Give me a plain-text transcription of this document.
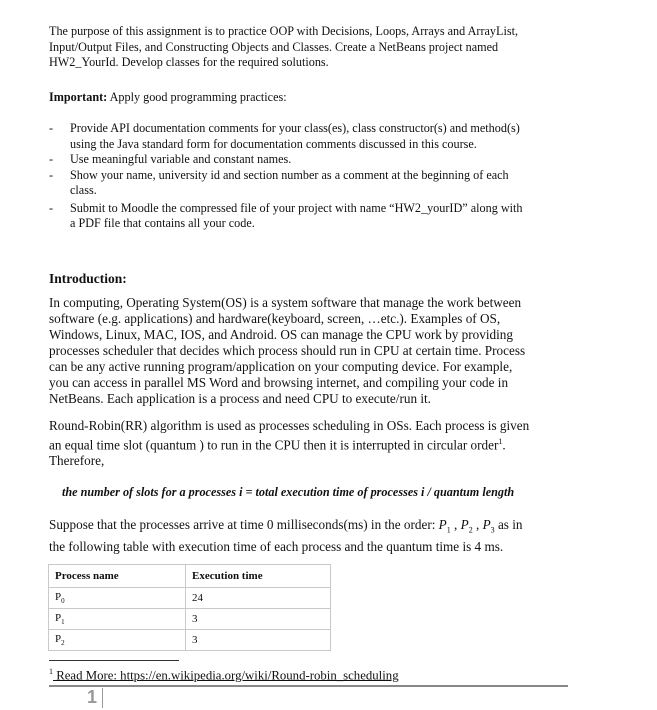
The purpose of this assignment is to practice OOP with Decisions, Loops, Arrays and ArrayList,
Input/Output Files, and Constructing Objects and Classes. Create a NetBeans project named
HW2_YourId. Develop classes for the required solutions.
Important: Apply good programming practices:
- Provide API documentation comments for your class(es), class constructor(s) and method(s)
using the Java standard form for documentation comments discussed in this course.
- Use meaningful variable and constant names.
- Show your name, university id and section number as a comment at the beginning of each
class.
- Submit to Moodle the compressed file of your project with name “HW2_yourID” along with
a PDF file that contains all your code.
Introduction:
In computing, Operating System(OS) is a system software that manage the work between
software (e.g. applications) and hardware(keyboard, screen, …etc.). Examples of OS,
Windows, Linux, MAC, IOS, and Android. OS can manage the CPU work by providing
processes scheduler that decides which process should run in CPU at certain time. Process
can be any active running program/application on your computing device. For example,
you can access in parallel MS Word and browsing internet, and compiling your code in
NetBeans. Each application is a process and need CPU to execute/run it.
Round-Robin(RR) algorithm is used as processes scheduling in OSs. Each process is given
an equal time slot (quantum ) to run in the CPU then it is interrupted in circular order$^1$.
Therefore,
the number of slots for a processes i = total execution time of processes i / quantum length
Suppose that the processes arrive at time 0 milliseconds(ms) in the order: $P_1$ , $P_2$ , $P_3$ as in
the following table with execution time of each process and the quantum time is 4 ms.
Process name	Execution time
$P_0$	24
$P_1$	3
$P_2$	3
$^1$ Read More: https://en.wikipedia.org/wiki/Round-robin_scheduling
1
